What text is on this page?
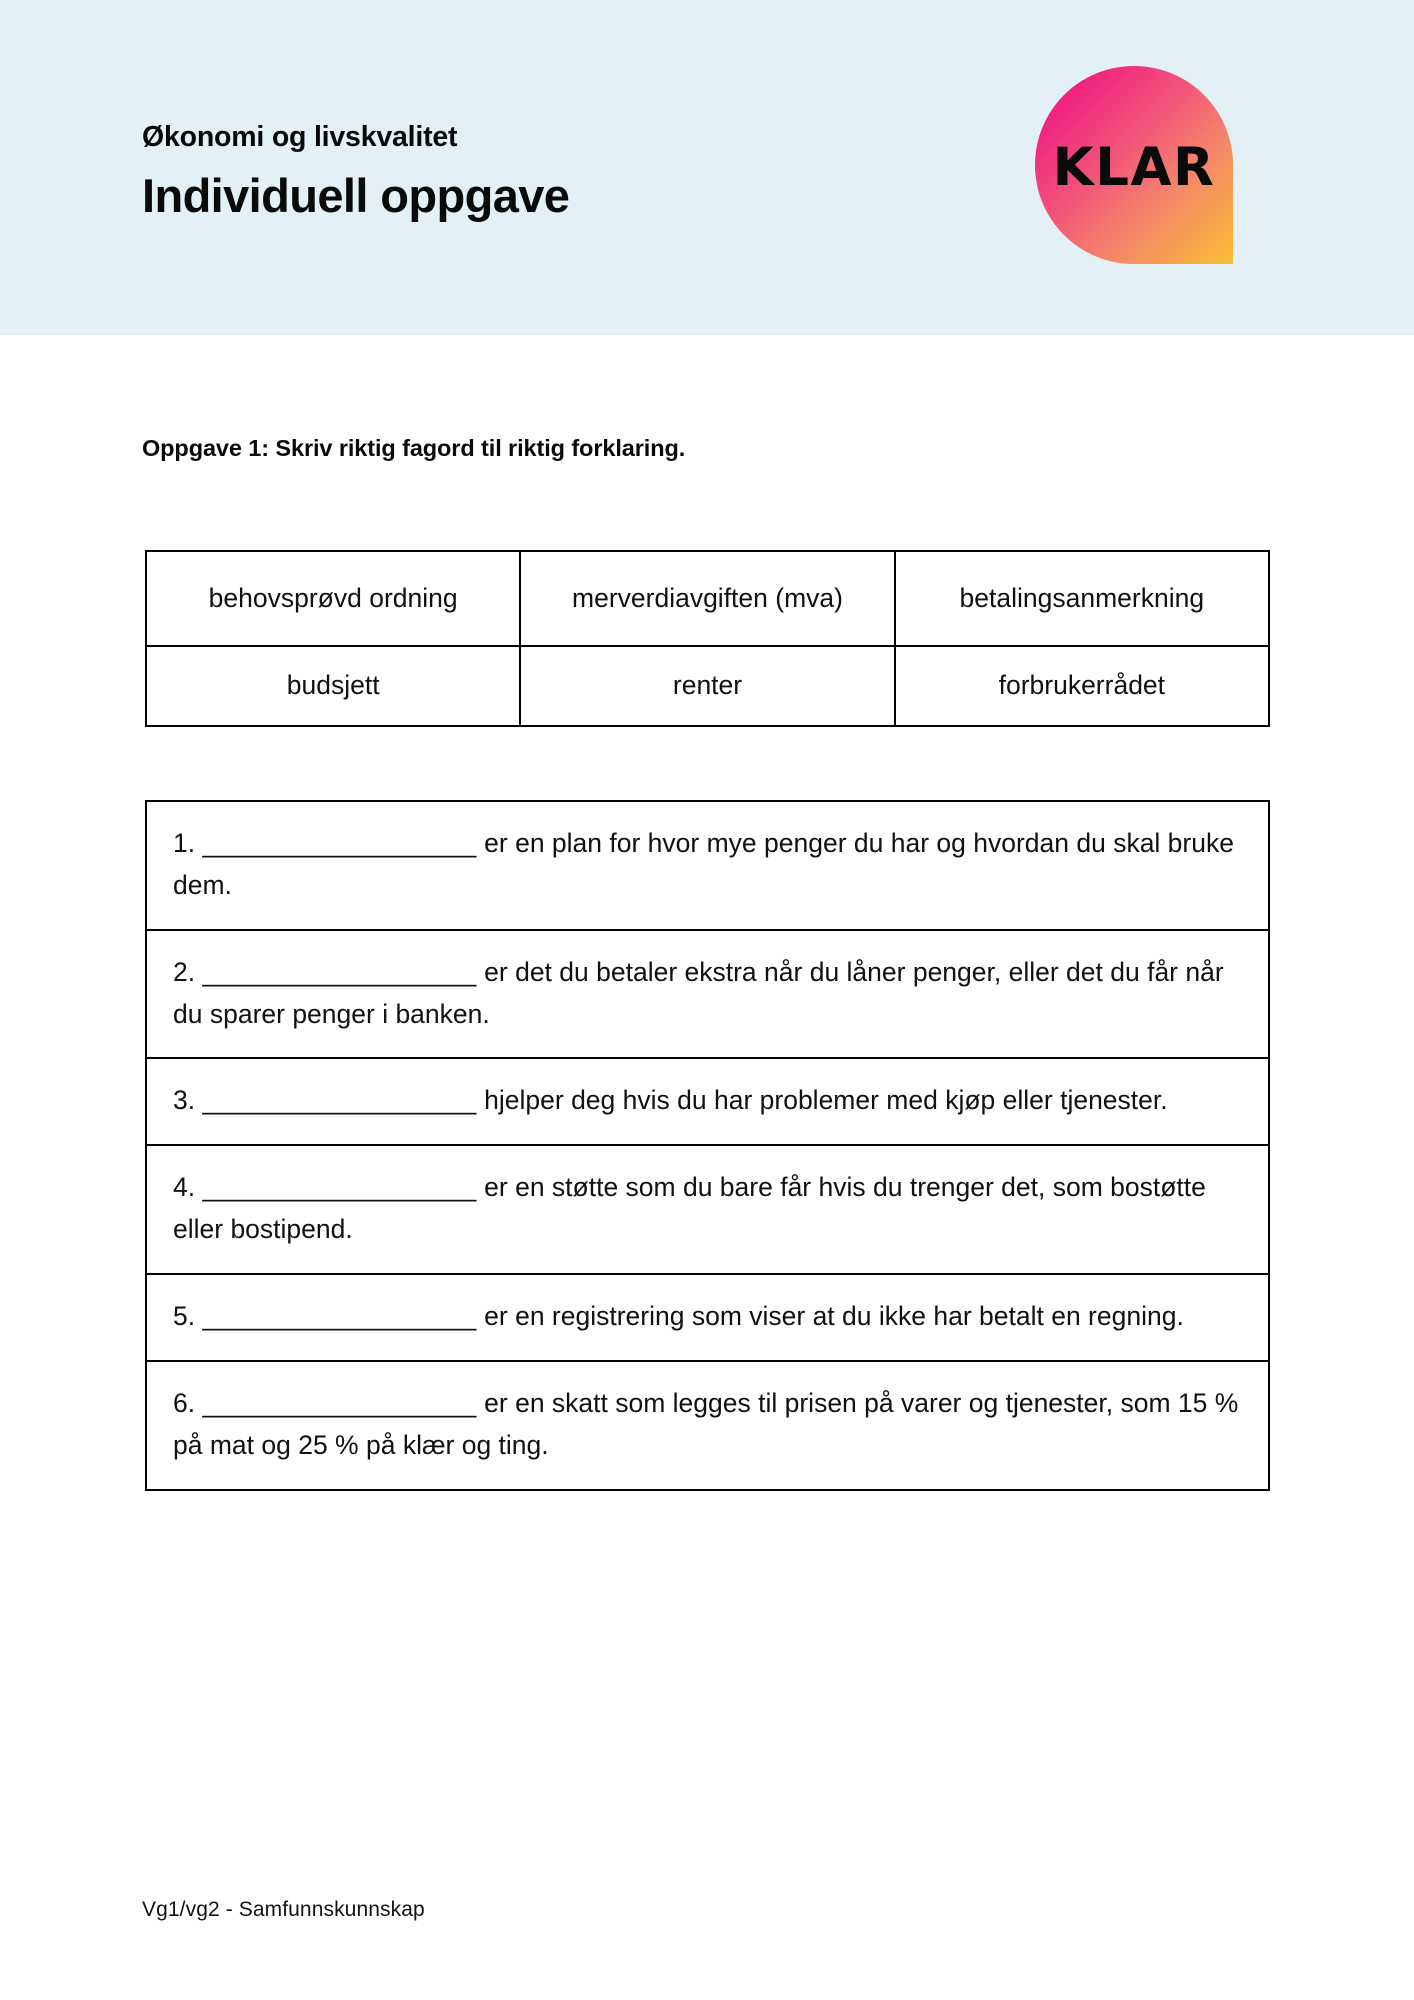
Økonomi og livskvalitet
Individuell oppgave	KLAR
Oppgave 1: Skriv riktig fagord til riktig forklaring.
behovsprøvd ordning	merverdiavgiften (mva)	betalingsanmerkning
budsjett	renter	forbrukerrådet
1. __________________ er en plan for hvor mye penger du har og hvordan du skal bruke dem.
2. __________________ er det du betaler ekstra når du låner penger, eller det du får når du sparer penger i banken.
3. __________________ hjelper deg hvis du har problemer med kjøp eller tjenester.
4. __________________ er en støtte som du bare får hvis du trenger det, som bostøtte eller bostipend.
5. __________________ er en registrering som viser at du ikke har betalt en regning.
6. __________________ er en skatt som legges til prisen på varer og tjenester, som 15 % på mat og 25 % på klær og ting.
Vg1/vg2 - Samfunnskunnskap
